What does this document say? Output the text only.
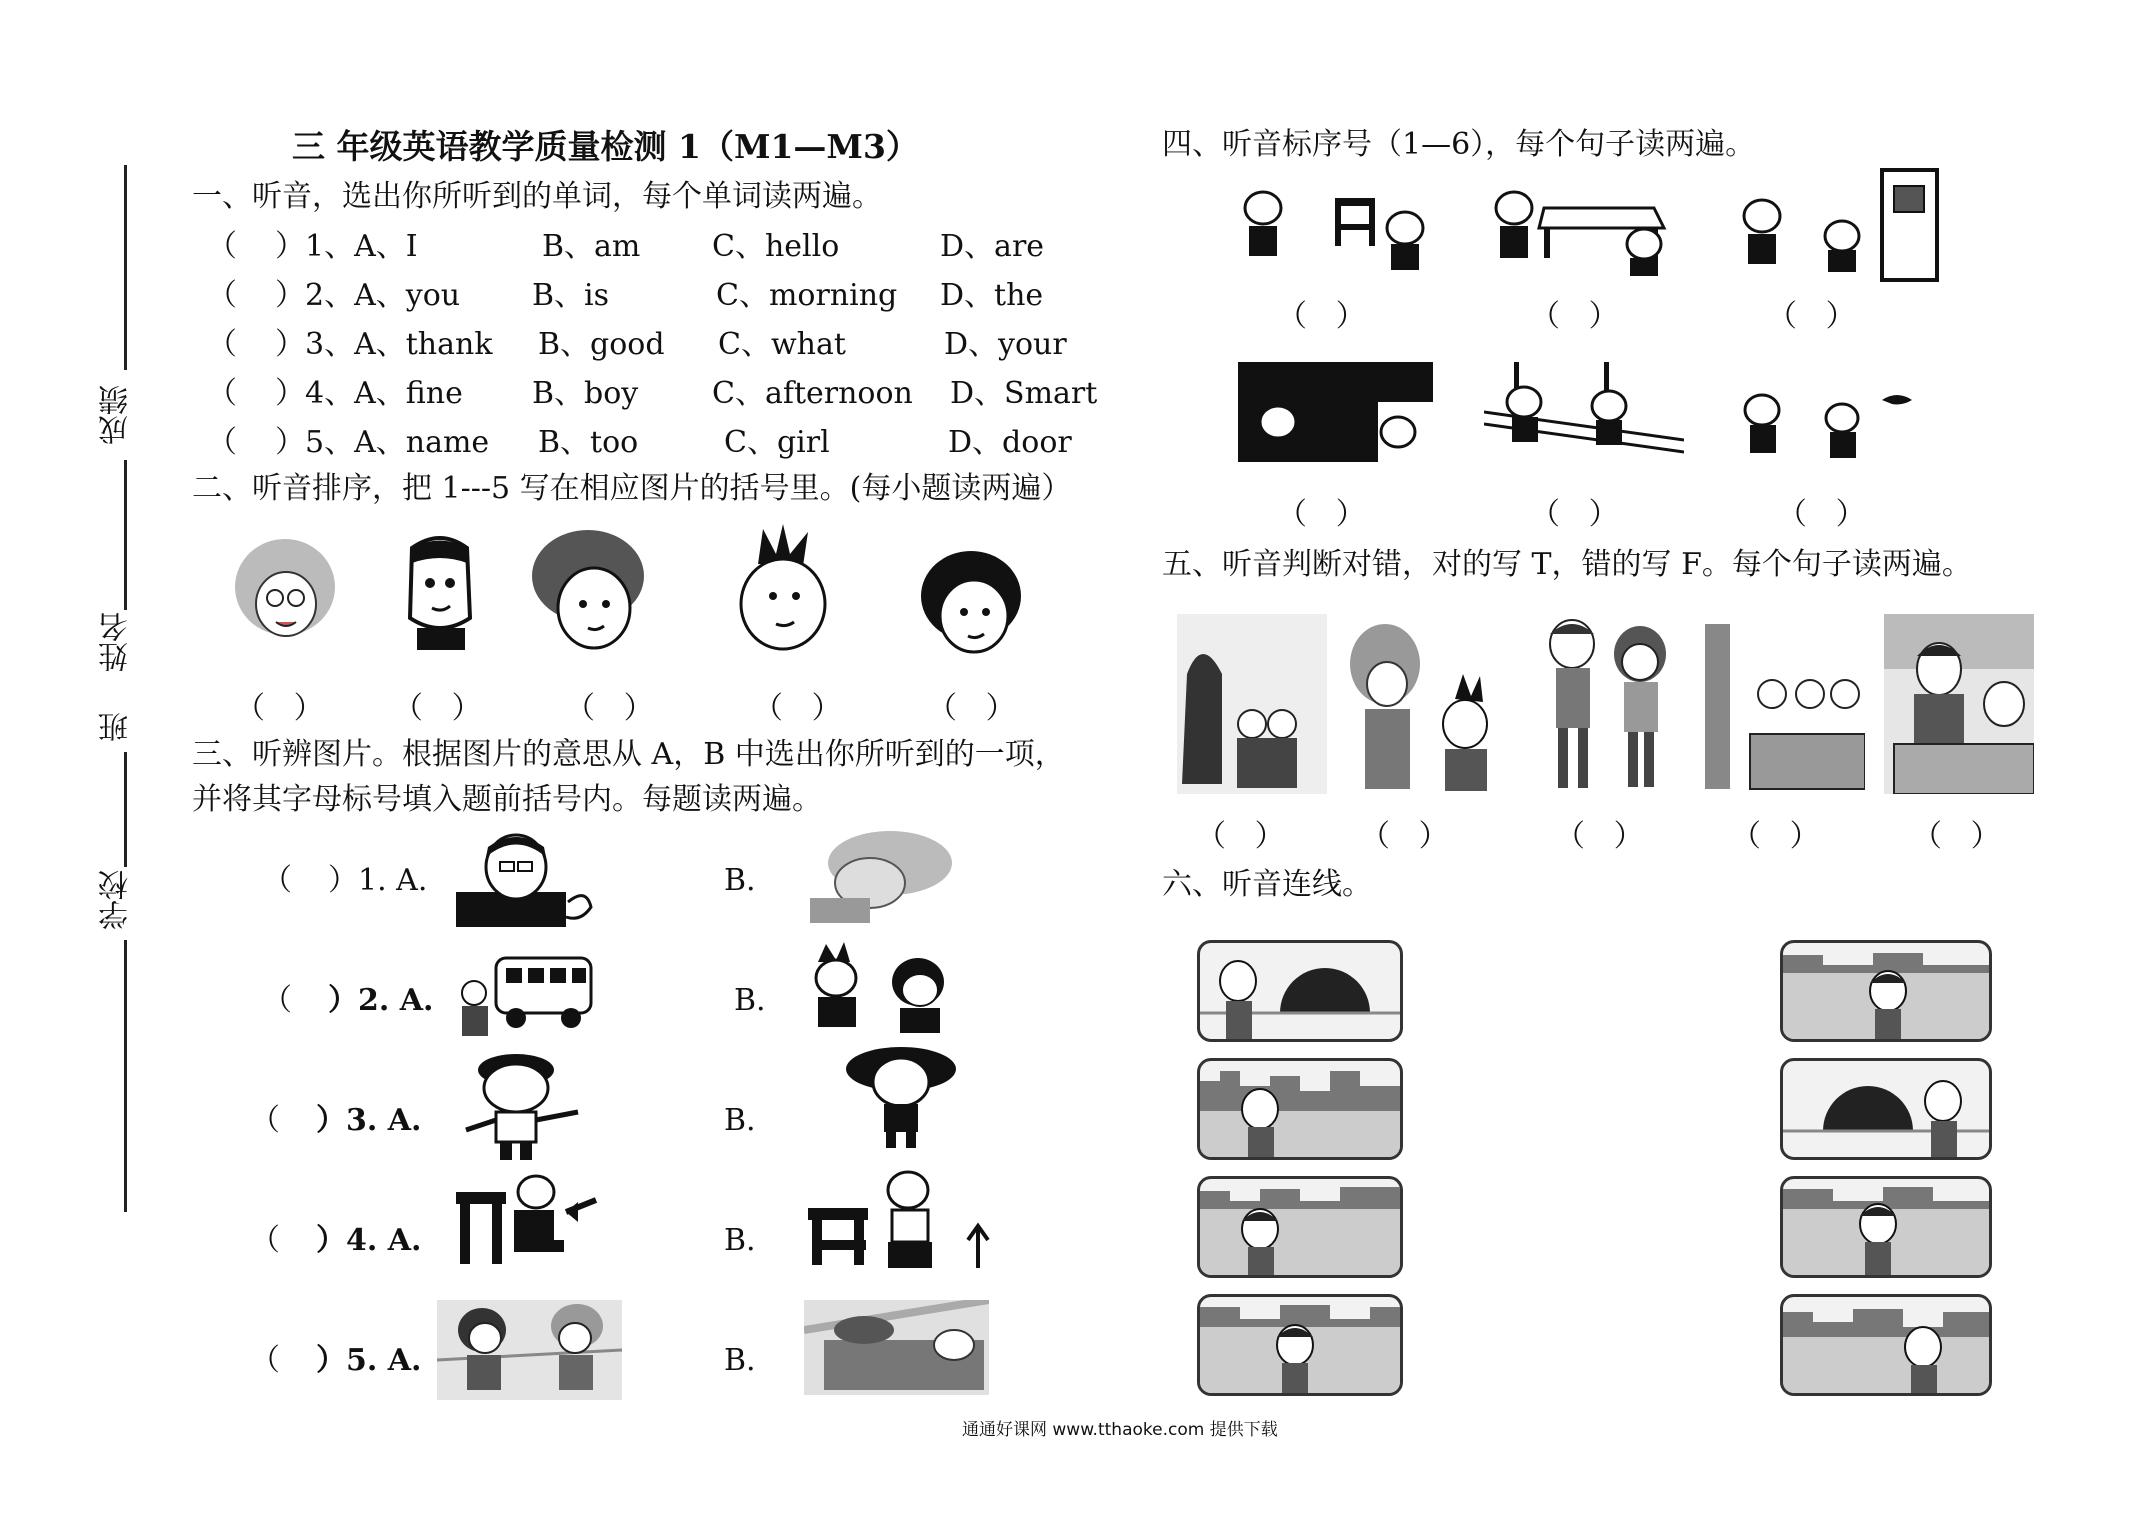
三 年级英语教学质量检测 1（M1—M3）
成绩
姓名
班
学校
一、听音，选出你所听到的单词，每个单词读两遍。
（ ）1、A、I	B、am C、hello	D、are
（ ）2、A、you B、is	C、morning D、the
（ ）3、A、thank B、good C、what	D、your
（ ）4、A、fine B、boy C、afternoon D、Smart
（ ）5、A、name B、too	C、girl	D、door
二、听音排序，把 1---5 写在相应图片的括号里。(每小题读两遍）
（   ） （   ）	（   ）	（   ）	（   ）
三、听辨图片。根据图片的意思从 A，B 中选出你所听到的一项，
并将其字母标号填入题前括号内。每题读两遍。
（ ）1. A.	B.
（ ）2. A.	B.
（ ）3. A.	B.
（ ）4. A.	B.
（ ）5. A.	B.
四、听音标序号（1—6），每个句子读两遍。
（   ）	（   ）	（   ）
（   ）	（   ）	（   ）
五、听音判断对错，对的写 T，错的写 F。每个句子读两遍。
（   ）	（   ）	（   ）	（   ）	（   ）
六、听音连线。
通通好课网 www.tthaoke.com 提供下载
